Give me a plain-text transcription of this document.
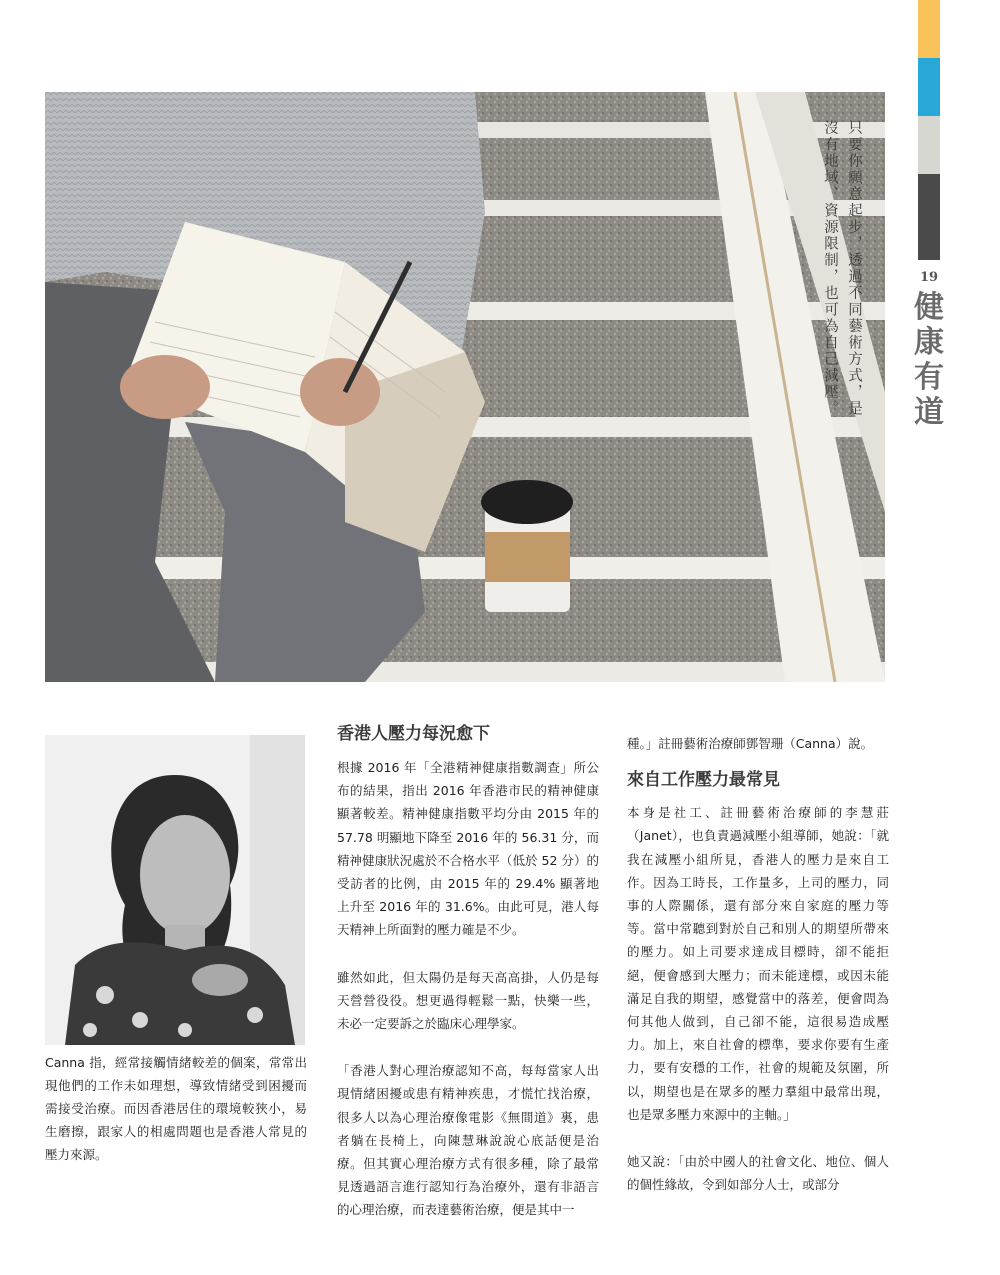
19
健
康
有
道
只要你願意起步，透過不同藝術方式，是沒有地域、資源限制，也可為自己減壓。
Canna 指，經常接觸情緒較差的個案，常常出現他們的工作未如理想，導致情緒受到困擾而需接受治療。而因香港居住的環境較狹小，易生磨擦，跟家人的相處問題也是香港人常見的壓力來源。
香港人壓力每況愈下

根據 2016 年「全港精神健康指數調查」所公布的結果，指出 2016 年香港市民的精神健康顯著較差。精神健康指數平均分由 2015 年的 57.78 明顯地下降至 2016 年的 56.31 分，而精神健康狀況處於不合格水平（低於 52 分）的受訪者的比例，由 2015 年的 29.4% 顯著地上升至 2016 年的 31.6%。由此可見，港人每天精神上所面對的壓力確是不少。

雖然如此，但太陽仍是每天高高掛，人仍是每天營營役役。想更過得輕鬆一點，快樂一些，未必一定要訴之於臨床心理學家。

「香港人對心理治療認知不高，每每當家人出現情緒困擾或患有精神疾患，才慌忙找治療，很多人以為心理治療像電影《無間道》裏，患者躺在長椅上，向陳慧琳說說心底話便是治療。但其實心理治療方式有很多種，除了最常見透過語言進行認知行為治療外，還有非語言的心理治療，而表達藝術治療，便是其中一

種。」註冊藝術治療師鄧智珊（Canna）說。

來自工作壓力最常見

本身是社工、註冊藝術治療師的李慧莊（Janet），也負責過減壓小組導師，她說：「就我在減壓小組所見，香港人的壓力是來自工作。因為工時長，工作量多，上司的壓力，同事的人際關係，還有部分來自家庭的壓力等等。當中常聽到對於自己和別人的期望所帶來的壓力。如上司要求達成目標時，卻不能拒絕，便會感到大壓力；而未能達標，或因未能滿足自我的期望，感覺當中的落差，便會問為何其他人做到，自己卻不能，這很易造成壓力。加上，來自社會的標準，要求你要有生產力，要有安穩的工作，社會的規範及氛圍，所以，期望也是在眾多的壓力羣組中最常出現，也是眾多壓力來源中的主軸。」

她又說：「由於中國人的社會文化、地位、個人的個性緣故，令到如部分人士，或部分
